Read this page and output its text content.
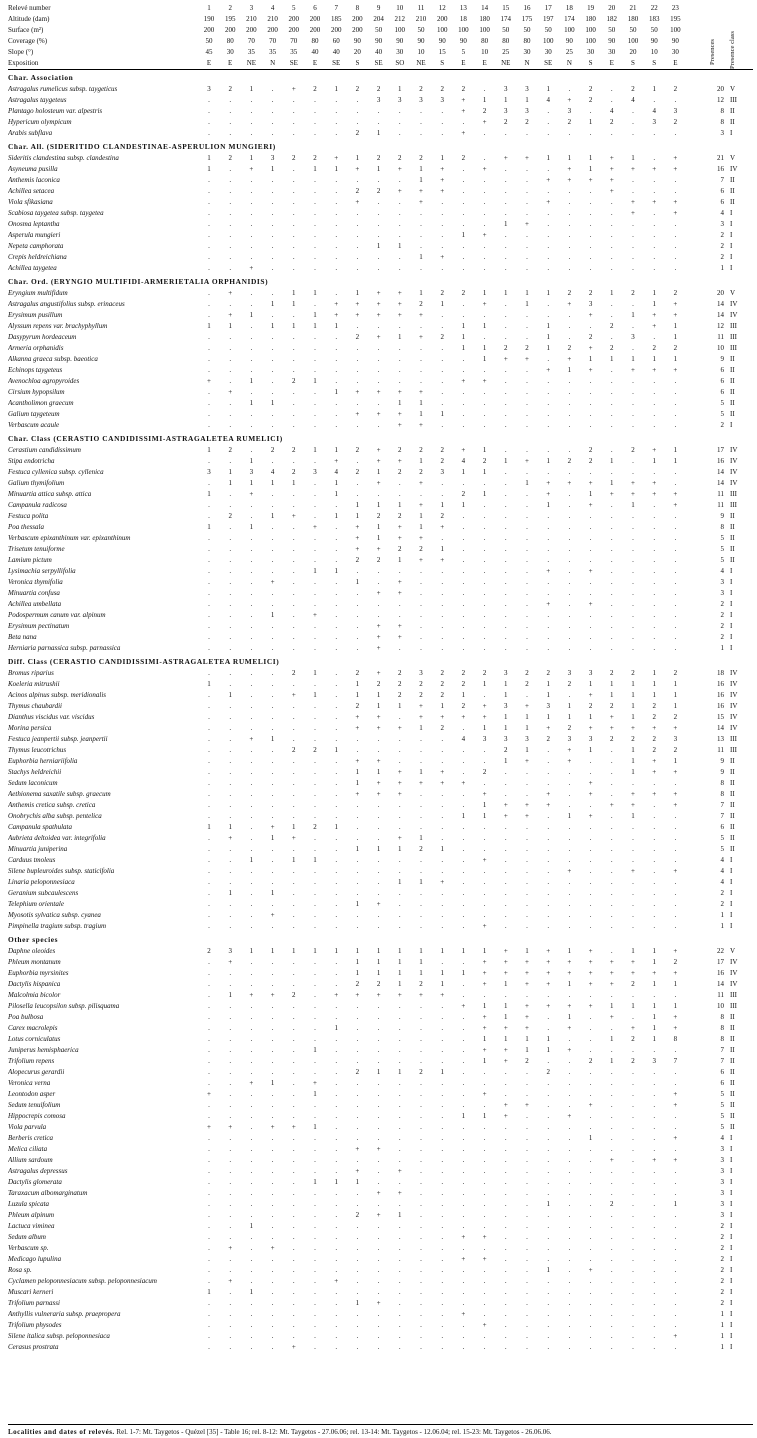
Relevé number	1	2	3	4	5	6	7	8	9	10	11	12	13	14	15	16	17	18	19	20	21	22	23
Altitude (dam)	190	195	210	210	200	200	185	200	204	212	210	200	18	180	174	175	197	174	180	182	180	183	195
Surface (m²)	200	200	200	200	200	200	200	200	50	100	50	100	100	100	50	50	50	100	100	50	50	50	100
Coverage (%)	50	80	70	70	70	80	60	90	90	90	90	90	90	80	80	80	100	90	100	90	100	90	90
Slope (°)	45	30	35	35	35	40	40	20	40	30	10	15	5	10	25	30	30	25	30	30	20	10	30
Exposition	E	E	NE	N	SE	E	SE	S	SE	SO	NE	S	E	E	NE	N	SE	N	S	E	S	S	E	Presences	Presence class
Char. Association
Astragalus rumelicus subsp. taygeticus	3	2	1	.	+	2	1	2	2	1	2	2	2	.	3	3	1	.	2	.	2	1	2	20 V
Astragalus taygeteus	.	.	.	.	.	.	.	.	3	3	3	3	+	1	1	1	4	+	2	.	4	.	.	12 III
Plantago holosteum var. alpestris	.	.	.	.	.	.	.	.	.	.	.	.	+	2	3	3	.	3	.	4	.	4	3	8 II
Hypericum olympicum	.	.	.	.	.	.	.	.	.	.	.	.	.	+	2	2	.	2	1	2	.	3	2	8 II
Arabis subflava	.	.	.	.	.	.	.	2	1	.	.	.	+	.	.	.	.	.	.	.	.	.	.	3 I
Char. All. (SIDERITIDO CLANDESTINAE-ASPERULION MUNGIERI)
Sideritis clandestina subsp. clandestina	1	2	1	3	2	2	+	1	2	2	2	1	2	.	+	+	1	1	1	+	1	.	+	21 V
Asyneuma pusilla	1	.	+	1	.	1	1	+	1	+	1	+	.	+	.	.	.	+	1	+	+	+	+	16 IV
Anthemis laconica	.	.	.	.	.	.	.	.	.	.	1	+	.	.	.	.	+	+	+	+	.	.	.	7 II
Achillea setacea	.	.	.	.	.	.	.	2	2	+	+	+	.	.	.	.	.	.	.	+	.	.	.	6 II
Viola sfikasiana	.	.	.	.	.	.	.	+	.	.	+	.	.	.	.	.	+	.	.	.	+	+	+	6 II
Scabiosa taygetea subsp. taygetea	.	.	.	.	.	.	.	.	.	.	.	.	.	.	.	.	.	.	.	.	+	.	+	4 I
Onosma leptantha	.	.	.	.	.	.	.	.	.	.	.	.	.	.	1	+	.	.	.	.	.	.	.	3 I
Asperula mungieri	.	.	.	.	.	.	.	.	.	.	.	.	1	+	.	.	.	.	.	.	.	.	.	2 I
Nepeta camphorata	.	.	.	.	.	.	.	.	1	1	.	.	.	.	.	.	.	.	.	.	.	.	.	2 I
Crepis heldreichiana	.	.	.	.	.	.	.	.	.	.	1	+	.	.	.	.	.	.	.	.	.	.	.	2 I
Achillea taygetea	.	.	+	.	.	.	.	.	.	.	.	.	.	.	.	.	.	.	.	.	.	.	.	1 I
Char. Ord. (ERYNGIO MULTIFIDI-ARMERIETALIA ORPHANIDIS)
Eryngium multifidum	.	+	.	.	1	1	.	1	+	+	1	2	2	1	1	1	1	2	2	1	2	1	2	20 V
Astragalus angustifolius subsp. erinaceus	.	.	.	1	1	.	+	+	+	+	2	1	.	+	.	1	.	+	3	.	.	1	+	14 IV
Erysimum pusillum	.	+	1	.	.	1	+	+	+	+	+	.	.	.	.	.	.	.	+	.	1	+	+	14 IV
Alyssum repens var. brachyphyllum	1	1	.	1	1	1	1	.	.	.	.	.	1	1	.	.	1	.	.	2	.	+	1	12 III
Dasypyrum hordeaceum	.	.	.	.	.	.	.	2	+	1	+	2	1	.	.	.	1	.	2	.	3	.	1	11 III
Armeria orphanidis	.	.	.	.	.	.	.	.	.	.	.	.	1	1	2	2	1	2	+	2	.	2	2	10 III
Alkanna graeca subsp. baeotica	.	.	.	.	.	.	.	.	.	.	.	.	.	1	+	+	.	+	1	1	1	1	1	9 II
Echinops taygeteus	.	.	.	.	.	.	.	.	.	.	.	.	.	.	.	.	+	1	+	.	+	+	+	6 II
Avenochloa agropyroides	+	.	1	.	2	1	.	.	.	.	.	.	+	+	.	.	.	.	.	.	.	.	.	6 II
Cirsium hypopsilum	.	+	.	.	.	.	1	+	+	+	+	.	.	.	.	.	.	.	.	.	.	.	.	6 II
Acantholimon graecum	.	.	1	1	.	.	.	.	.	1	1	.	.	.	.	.	.	.	.	.	.	.	.	5 II
Galium taygeteum	.	.	.	.	.	.	.	+	+	+	1	1	.	.	.	.	.	.	.	.	.	.	.	5 II
Verbascum acaule	.	.	.	.	.	.	.	.	.	+	+	.	.	.	.	.	.	.	.	.	.	.	.	2 I
Char. Class (CERASTIO CANDIDISSIMI-ASTRAGALETEA RUMELICI)
Cerastium candidissimum	1	2	.	2	2	1	1	2	+	2	2	2	+	1	.	.	.	.	2	.	2	+	1	17 IV
Stipa endotricha	.	.	1	.	.	.	+	.	+	+	1	2	4	2	1	+	1	2	2	1	.	1	1	16 IV
Festuca cyllenica subsp. cyllenica	3	1	3	4	2	3	4	2	1	2	2	3	1	1	.	.	.	.	.	.	.	.	.	14 IV
Galium thymifolium	.	1	1	1	1	.	1	.	+	.	+	.	.	.	.	1	+	+	+	1	+	+	.	14 IV
Minuartia attica subsp. attica	1	.	+	.	.	.	1	.	.	.	.	.	2	1	.	.	+	.	1	+	+	+	+	11 III
Campanula radicosa	.	.	.	.	.	.	.	1	1	1	+	1	1	.	.	.	1	.	+	.	1	.	+	11 III
Festuca polita	.	2	.	1	+	.	1	1	2	2	1	2	.	.	.	.	.	.	.	.	.	.	.	9 II
Poa thessala	1	.	1	.	.	+	.	+	1	+	1	+	.	.	.	.	.	.	.	.	.	.	.	8 II
Verbascum epixanthinum var. epixanthinum	.	.	.	.	.	.	.	+	1	+	+	.	.	.	.	.	.	.	.	.	.	.	.	5 II
Trisetum tenuiforme	.	.	.	.	.	.	.	+	+	2	2	1	.	.	.	.	.	.	.	.	.	.	.	5 II
Lamium pictum	.	.	.	.	.	.	.	2	2	1	+	+	.	.	.	.	.	.	.	.	.	.	.	5 II
Lysimachia serpyllifolia	.	.	.	.	.	1	1	.	.	.	.	.	.	.	.	.	+	.	+	.	.	.	.	4 I
Veronica thymifolia	.	.	.	+	.	.	.	1	.	+	.	.	.	.	.	.	.	.	.	.	.	.	.	3 I
Minuartia confusa	.	.	.	.	.	.	.	.	+	+	.	.	.	.	.	.	.	.	.	.	.	.	.	3 I
Achillea umbellata	.	.	.	.	.	.	.	.	.	.	.	.	.	.	.	.	+	.	+	.	.	.	.	2 I
Podospermum canum var. alpinum	.	.	.	1	.	+	.	.	.	.	.	.	.	.	.	.	.	.	.	.	.	.	.	2 I
Erysimum pectinatum	.	.	.	.	.	.	.	.	+	+	.	.	.	.	.	.	.	.	.	.	.	.	.	2 I
Beta nana	.	.	.	.	.	.	.	.	+	+	.	.	.	.	.	.	.	.	.	.	.	.	.	2 I
Herniaria parnassica subsp. parnassica	.	.	.	.	.	.	.	.	+	.	.	.	.	.	.	.	.	.	.	.	.	.	.	1 I
Diff. Class (CERASTIO CANDIDISSIMI-ASTRAGALETEA RUMELICI)
Bromus riparius	.	.	.	.	2	1	.	2	+	2	3	2	2	2	3	2	2	3	3	2	2	1	2	18 IV
Koeleria mitrushii	1	.	.	.	.	.	.	1	2	2	2	2	2	1	1	2	1	2	1	1	1	1	1	16 IV
Acinos alpinus subsp. meridionalis	.	1	.	.	+	1	.	1	1	2	2	2	1	.	1	.	1	.	+	1	1	1	1	16 IV
Thymus chaubardii	.	.	.	.	.	.	.	2	1	1	+	1	2	+	3	+	3	1	2	2	1	2	1	16 IV
Dianthus viscidus var. viscidus	.	.	.	.	.	.	.	+	+	.	+	+	+	+	1	1	1	1	1	+	1	2	2	15 IV
Morina persica	.	.	.	.	.	.	.	+	+	+	1	2	.	1	1	1	+	2	+	+	+	+	+	14 IV
Festuca jeanpertii subsp. jeanpertii	.	.	+	1	.	.	.	.	.	.	.	.	4	3	3	3	2	3	3	2	2	2	3	13 III
Thymus leucotrichus	.	.	.	.	2	2	1	.	.	.	.	.	.	.	2	1	.	+	1	.	1	2	2	11 III
Euphorbia herniariifolia	.	.	.	.	.	.	.	+	+	.	.	.	.	.	1	+	.	+	.	.	1	+	1	9 II
Stachys heldreichii	.	.	.	.	.	.	.	1	1	+	1	+	.	2	.	.	.	.	.	.	1	+	+	9 II
Sedum laconicum	.	.	.	.	.	.	.	1	+	+	+	+	+	.	.	.	.	.	+	.	.	.	.	8 II
Aethionema saxatile subsp. graecum	.	.	.	.	.	.	.	+	+	+	.	.	.	+	.	.	+	.	+	.	+	+	+	8 II
Anthemis cretica subsp. cretica	.	.	.	.	.	.	.	.	.	.	.	.	.	1	+	+	+	.	.	+	+	.	+	7 II
Onobrychis alba subsp. pentelica	.	.	.	.	.	.	.	.	.	.	.	.	1	1	+	+	.	1	+	.	1	.	.	7 II
Campanula spathulata	1	1	.	+	1	2	1	.	.	.	.	.	.	.	.	.	.	.	.	.	.	.	.	6 II
Aubrieta deltoidea var. integrifolia	.	+	.	1	+	.	.	.	.	+	1	.	.	.	.	.	.	.	.	.	.	.	.	5 II
Minuartia juniperina	.	.	.	.	.	.	.	1	1	1	2	1	.	.	.	.	.	.	.	.	.	.	.	5 II
Carduus tmoleus	.	.	1	.	1	1	.	.	.	.	.	.	.	+	.	.	.	.	.	.	.	.	.	4 I
Silene bupleuroides subsp. staticifolia	.	.	.	.	.	.	.	.	.	.	.	.	.	.	.	.	.	+	.	.	+	.	+	4 I
Linaria peloponnesiaca	.	.	.	.	.	.	.	.	.	1	1	+	.	.	.	.	.	.	.	.	.	.	.	4 I
Geranium subcaulescens	.	1	.	1	.	.	.	.	.	.	.	.	.	.	.	.	.	.	.	.	.	.	.	2 I
Telephium orientale	.	.	.	.	.	.	.	1	+	.	.	.	.	.	.	.	.	.	.	.	.	.	.	2 I
Myosotis sylvatica subsp. cyanea	.	.	.	+	.	.	.	.	.	.	.	.	.	.	.	.	.	.	.	.	.	.	.	1 I
Pimpinella tragium subsp. tragium	.	.	.	.	.	.	.	.	.	.	.	.	.	+	.	.	.	.	.	.	.	.	.	1 I
Other species
Daphne oleoides	2	3	1	1	1	1	1	1	1	1	1	1	1	1	+	1	+	1	+	.	1	1	+	22 V
Phleum montanum	.	+	.	.	.	.	.	1	1	1	1	.	.	+	+	+	+	+	+	+	+	1	2	17 IV
Euphorbia myrsinites	.	.	.	.	.	.	.	1	1	1	1	1	1	+	+	+	+	+	+	+	+	+	+	16 IV
Dactylis hispanica	.	.	.	.	.	.	.	2	2	1	2	1	.	+	1	+	+	1	+	+	2	1	1	14 IV
Malcolmia bicolor	.	1	+	+	2	.	+	+	+	+	+	+	.	.	.	.	.	.	.	.	.	.	.	11 III
Pilosella leucopsilon subsp. pilisquama	.	.	.	.	.	.	.	.	.	.	.	.	+	1	1	+	+	+	+	1	1	1	1	10 III
Poa bulbosa	.	.	.	.	.	.	.	.	.	.	.	.	.	+	1	+	.	1	.	+	.	1	+	8 II
Carex macrolepis	.	.	.	.	.	.	1	.	.	.	.	.	.	+	+	+	.	+	.	.	+	1	+	8 II
Lotus corniculatus	.	.	.	.	.	.	.	.	.	.	.	.	.	1	1	1	1	.	.	1	2	1	8	8 II
Juniperus hemisphaerica	.	.	.	.	.	1	.	.	.	.	.	.	.	+	+	1	1	+	.	.	.	.	.	7 II
Trifolium repens	.	.	.	.	.	.	.	.	.	.	.	.	.	1	+	2	.	.	2	1	2	3	7	7 II
Alopecurus gerardii	.	.	.	.	.	.	.	2	1	1	2	1	.	.	.	.	2	.	.	.	.	.	.	6 II
Veronica verna	.	.	+	1	.	+	.	.	.	.	.	.	.	.	.	.	.	.	.	.	.	.	.	6 II
Leontodon asper	+	.	.	.	.	1	.	.	.	.	.	.	.	+	.	.	.	.	.	.	.	.	+	5 II
Sedum tenuifolium	.	.	.	.	.	.	.	.	.	.	.	.	.	.	+	+	.	.	+	.	.	.	+	5 II
Hippocrepis comosa	.	.	.	.	.	.	.	.	.	.	.	.	1	1	+	.	.	+	.	.	.	.	.	5 II
Viola parvula	+	+	.	+	+	1	.	.	.	.	.	.	.	.	.	.	.	.	.	.	.	.	.	5 II
Berberis cretica	.	.	.	.	.	.	.	.	.	.	.	.	.	.	.	.	.	.	1	.	.	.	+	4 I
Melica ciliata	.	.	.	.	.	.	.	+	+	.	.	.	.	.	.	.	.	.	.	.	.	.	.	3 I
Allium sardoum	.	.	.	.	.	.	.	.	.	.	.	.	.	.	.	.	.	.	.	+	.	+	+	3 I
Astragalus depressus	.	.	.	.	.	.	.	+	.	+	.	.	.	.	.	.	.	.	.	.	.	.	.	3 I
Dactylis glomerata	.	.	.	.	.	1	1	1	.	.	.	.	.	.	.	.	.	.	.	.	.	.	.	3 I
Taraxacum albomarginatum	.	.	.	.	.	.	.	.	+	+	.	.	.	.	.	.	.	.	.	.	.	.	.	3 I
Luzula spicata	.	.	.	.	.	.	.	.	.	.	.	.	.	.	.	.	1	.	.	2	.	.	1	3 I
Phleum alpinum	.	.	.	.	.	.	.	2	+	1	.	.	.	.	.	.	.	.	.	.	.	.	.	3 I
Lactuca viminea	.	.	1	.	.	.	.	.	.	.	.	.	.	.	.	.	.	.	.	.	.	.	.	2 I
Sedum album	.	.	.	.	.	.	.	.	.	.	.	.	+	+	.	.	.	.	.	.	.	.	.	2 I
Verbascum sp.	.	+	.	+	.	.	.	.	.	.	.	.	.	.	.	.	.	.	.	.	.	.	.	2 I
Medicago lupulina	.	.	.	.	.	.	.	.	.	.	.	.	+	+	.	.	.	.	.	.	.	.	.	2 I
Rosa sp.	.	.	.	.	.	.	.	.	.	.	.	.	.	.	.	.	1	.	+	.	.	.	.	2 I
Cyclamen peloponnesiacum subsp. peloponnesiacum	.	+	.	.	.	.	+	.	.	.	.	.	.	.	.	.	.	.	.	.	.	.	.	2 I
Muscari kerneri	1	.	1	.	.	.	.	.	.	.	.	.	.	.	.	.	.	.	.	.	.	.	.	2 I
Trifolium parnassi	.	.	.	.	.	.	.	1	+	.	.	.	.	.	.	.	.	.	.	.	.	.	.	2 I
Anthyllis vulneraria subsp. praepropera	.	.	.	.	.	.	.	.	.	.	.	.	+	.	.	.	.	.	.	.	.	.	.	1 I
Trifolium physodes	.	.	.	.	.	.	.	.	.	.	.	.	.	+	.	.	.	.	.	.	.	.	.	1 I
Silene italica subsp. peloponnesiaca	.	.	.	.	.	.	.	.	.	.	.	.	.	.	.	.	.	.	.	.	.	.	+	1 I
Cerasus prostrata	.	.	.	.	+	.	.	.	.	.	.	.	.	.	.	.	.	.	.	.	.	.	.	1 I
Localities and dates of relevés. Rel. 1-7: Mt. Taygetos - Quézel [35] - Table 16; rel. 8-12: Mt. Taygetos - 27.06.06; rel. 13-14: Mt. Taygetos - 12.06.04; rel. 15-23: Mt. Taygetos - 26.06.06.
